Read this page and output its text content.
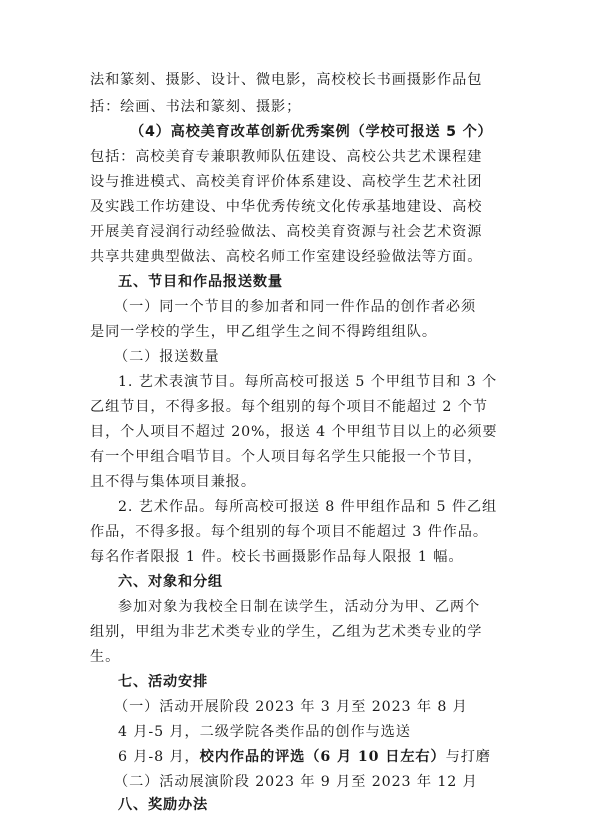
法和篆刻、摄影、设计、微电影，高校校长书画摄影作品包
括：绘画、书法和篆刻、摄影；
（4）高校美育改革创新优秀案例（学校可报送 5 个）
包括：高校美育专兼职教师队伍建设、高校公共艺术课程建
设与推进模式、高校美育评价体系建设、高校学生艺术社团
及实践工作坊建设、中华优秀传统文化传承基地建设、高校
开展美育浸润行动经验做法、高校美育资源与社会艺术资源
共享共建典型做法、高校名师工作室建设经验做法等方面。
五、节目和作品报送数量
（一）同一个节目的参加者和同一件作品的创作者必须
是同一学校的学生，甲乙组学生之间不得跨组组队。
（二）报送数量
1. 艺术表演节目。每所高校可报送 5 个甲组节目和 3 个
乙组节目，不得多报。每个组别的每个项目不能超过 2 个节
目，个人项目不超过 20%，报送 4 个甲组节目以上的必须要
有一个甲组合唱节目。个人项目每名学生只能报一个节目，
且不得与集体项目兼报。
2. 艺术作品。每所高校可报送 8 件甲组作品和 5 件乙组
作品，不得多报。每个组别的每个项目不能超过 3 件作品。
每名作者限报 1 件。校长书画摄影作品每人限报 1 幅。
六、对象和分组
参加对象为我校全日制在读学生，活动分为甲、乙两个
组别，甲组为非艺术类专业的学生，乙组为艺术类专业的学
生。
七、活动安排
（一）活动开展阶段 2023 年 3 月至 2023 年 8 月
4 月-5 月，二级学院各类作品的创作与选送
6 月-8 月，校内作品的评选（6 月 10 日左右）与打磨
（二）活动展演阶段 2023 年 9 月至 2023 年 12 月
八、奖励办法
